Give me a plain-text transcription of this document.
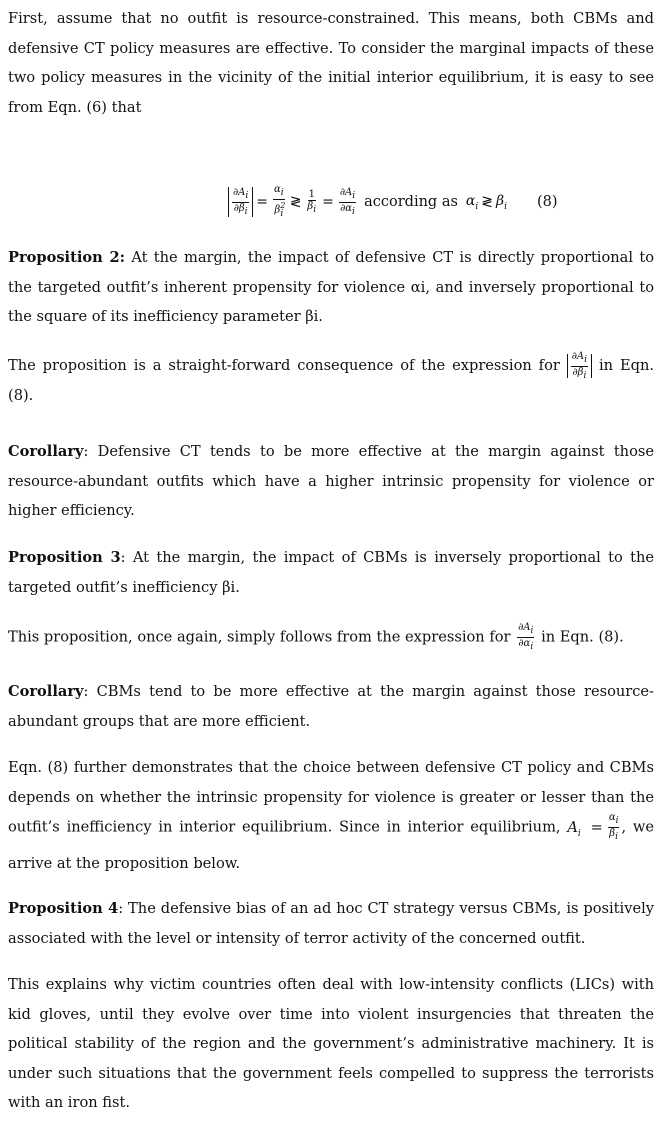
First, assume that no outfit is resource-constrained. This means, both CBMs and defensive CT policy measures are effective. To consider the marginal impacts of these two policy measures in the vicinity of the initial interior equilibrium, it is easy to see from Eqn. (6) that

$\frac{\partial A_i}{\partial\beta_i} = \frac{\alpha_i}{\beta^2_i}$ ≷ $\frac{1}{\beta_i} = \frac{\partial A_i}{\partial\alpha_i}$ according as $\alpha_i$ ≷ $\beta_i$ (8)

Proposition 2: At the margin, the impact of defensive CT is directly proportional to the targeted outfit’s inherent propensity for violence αi, and inversely proportional to the square of its inefficiency parameter βi.

The proposition is a straight-forward consequence of the expression for $\frac{\partial A_i}{\partial\beta_i}$ in Eqn. (8).

Corollary: Defensive CT tends to be more effective at the margin against those resource-abundant outfits which have a higher intrinsic propensity for violence or higher efficiency.

Proposition 3: At the margin, the impact of CBMs is inversely proportional to the targeted outfit’s inefficiency βi.

This proposition, once again, simply follows from the expression for $\frac{\partial A_i}{\partial\alpha_i}$ in Eqn. (8).

Corollary: CBMs tend to be more effective at the margin against those resource-abundant groups that are more efficient.

Eqn. (8) further demonstrates that the choice between defensive CT policy and CBMs depends on whether the intrinsic propensity for violence is greater or lesser than the outfit’s inefficiency in interior equilibrium. Since in interior equilibrium, $A_i = \frac{\alpha_i}{\beta_i}$ , we arrive at the proposition below.

Proposition 4: The defensive bias of an ad hoc CT strategy versus CBMs, is positively associated with the level or intensity of terror activity of the concerned outfit.

This explains why victim countries often deal with low-intensity conflicts (LICs) with kid gloves, until they evolve over time into violent insurgencies that threaten the political stability of the region and the government’s administrative machinery. It is under such situations that the government feels compelled to suppress the terrorists with an iron fist.
